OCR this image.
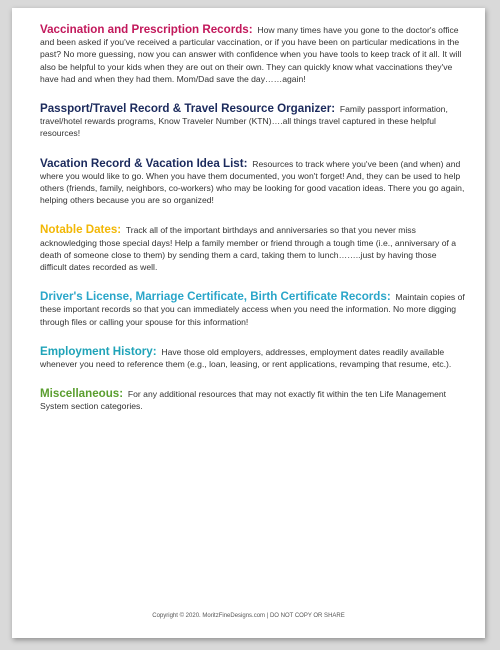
Vaccination and Prescription Records: How many times have you gone to the doctor's office and been asked if you've received a particular vaccination, or if you have been on particular medications in the past? No more guessing, now you can answer with confidence when you have tools to keep track of it all. It will also be helpful to your kids when they are out on their own. They can quickly know what vaccinations they've have had and when they had them. Mom/Dad save the day……again!

Passport/Travel Record & Travel Resource Organizer: Family passport information, travel/hotel rewards programs, Know Traveler Number (KTN)….all things travel captured in these helpful resources!

Vacation Record & Vacation Idea List: Resources to track where you've been (and when) and where you would like to go. When you have them documented, you won't forget! And, they can be used to help others (friends, family, neighbors, co-workers) who may be looking for good vacation ideas. There you go again, helping others because you are so organized!

Notable Dates: Track all of the important birthdays and anniversaries so that you never miss acknowledging those special days! Help a family member or friend through a tough time (i.e., anniversary of a death of someone close to them) by sending them a card, taking them to lunch……..just by having those difficult dates recorded as well.

Driver's License, Marriage Certificate, Birth Certificate Records: Maintain copies of these important records so that you can immediately access when you need the information. No more digging through files or calling your spouse for this information!

Employment History: Have those old employers, addresses, employment dates readily available whenever you need to reference them (e.g., loan, leasing, or rent applications, revamping that resume, etc.).

Miscellaneous: For any additional resources that may not exactly fit within the ten Life Management System section categories.

Copyright © 2020. MoritzFineDesigns.com | DO NOT COPY OR SHARE
